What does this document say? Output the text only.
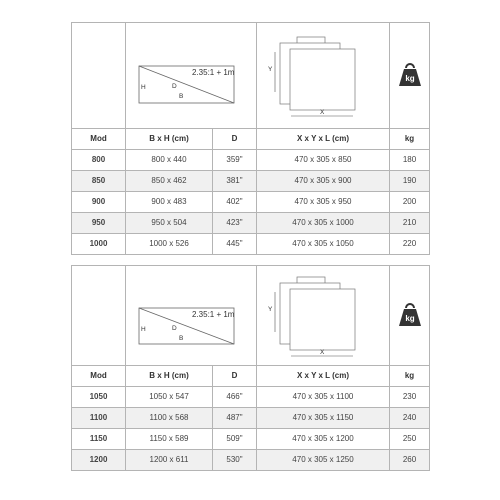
2.35:1 + 1m
H D
B		Y
X	kg

Mod	B x H (cm)	D	X x Y x L (cm)	kg
800	800 x 440	359"	470 x 305 x 850	180
850	850 x 462	381"	470 x 305 x 900	190
900	900 x 483	402"	470 x 305 x 950	200
950	950 x 504	423"	470 x 305 x 1000	210
1000	1000 x 526	445"	470 x 305 x 1050	220

2.35:1 + 1m
H D
B		Y
X	kg

Mod	B x H (cm)	D	X x Y x L (cm)	kg
1050	1050 x 547	466"	470 x 305 x 1100	230
1100	1100 x 568	487"	470 x 305 x 1150	240
1150	1150 x 589	509"	470 x 305 x 1200	250
1200	1200 x 611	530"	470 x 305 x 1250	260
